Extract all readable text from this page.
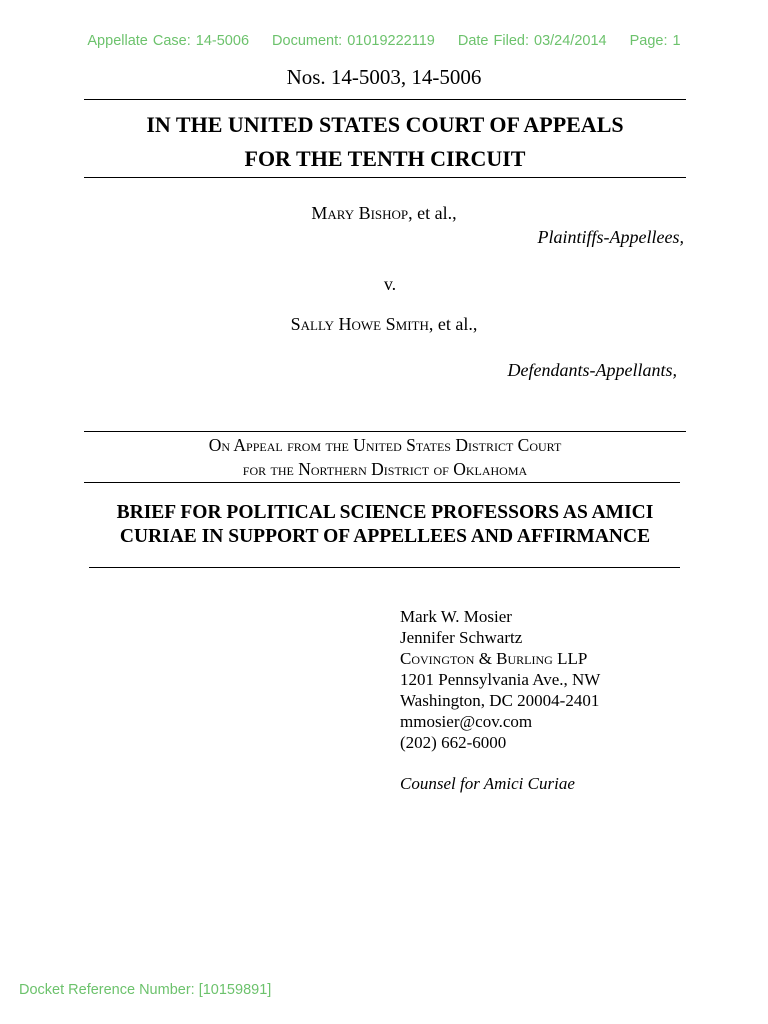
Appellate Case: 14-5006 Document: 01019222119 Date Filed: 03/24/2014 Page: 1
Nos. 14-5003, 14-5006
IN THE UNITED STATES COURT OF APPEALS
FOR THE TENTH CIRCUIT
Mary Bishop, et al.,
Plaintiffs-Appellees,
v.
Sally Howe Smith, et al.,
Defendants-Appellants,
On Appeal from the United States District Court
for the Northern District of Oklahoma
BRIEF FOR POLITICAL SCIENCE PROFESSORS AS AMICI
CURIAE IN SUPPORT OF APPELLEES AND AFFIRMANCE
Mark W. Mosier
Jennifer Schwartz
Covington & Burling LLP
1201 Pennsylvania Ave., NW
Washington, DC 20004-2401
mmosier@cov.com
(202) 662-6000
Counsel for Amici Curiae
Docket Reference Number: [10159891]
